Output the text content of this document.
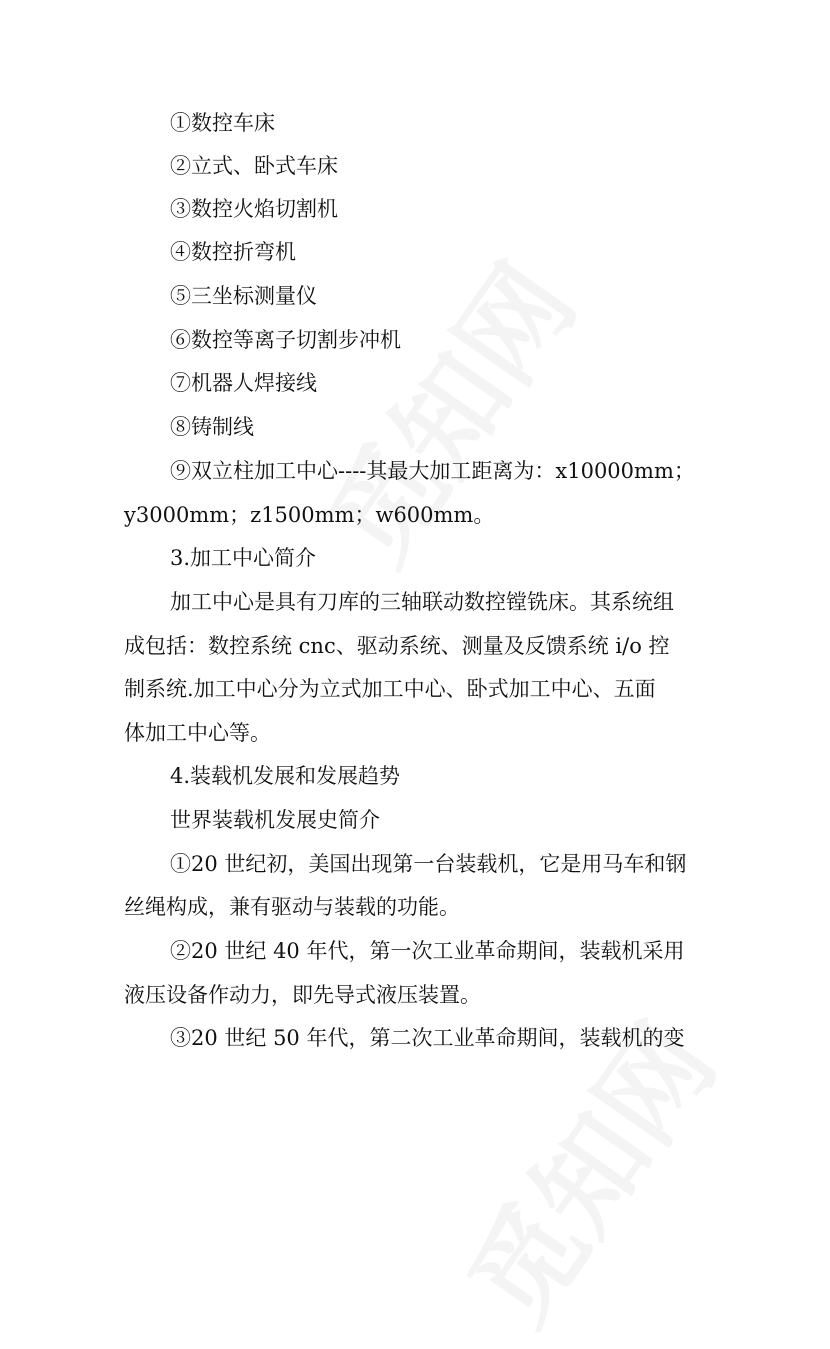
①数控车床
②立式、卧式车床
③数控火焰切割机
④数控折弯机
⑤三坐标测量仪
⑥数控等离子切割步冲机
⑦机器人焊接线
⑧铸制线
⑨双立柱加工中心----其最大加工距离为：x10000mm；
y3000mm；z1500mm；w600mm。
3.加工中心简介
加工中心是具有刀库的三轴联动数控镗铣床。其系统组
成包括：数控系统 cnc、驱动系统、测量及反馈系统 i/o 控
制系统.加工中心分为立式加工中心、卧式加工中心、五面
体加工中心等。
4.装载机发展和发展趋势
世界装载机发展史简介
①20 世纪初，美国出现第一台装载机，它是用马车和钢
丝绳构成，兼有驱动与装载的功能。
②20 世纪 40 年代，第一次工业革命期间，装载机采用
液压设备作动力，即先导式液压装置。
③20 世纪 50 年代，第二次工业革命期间，装载机的变
